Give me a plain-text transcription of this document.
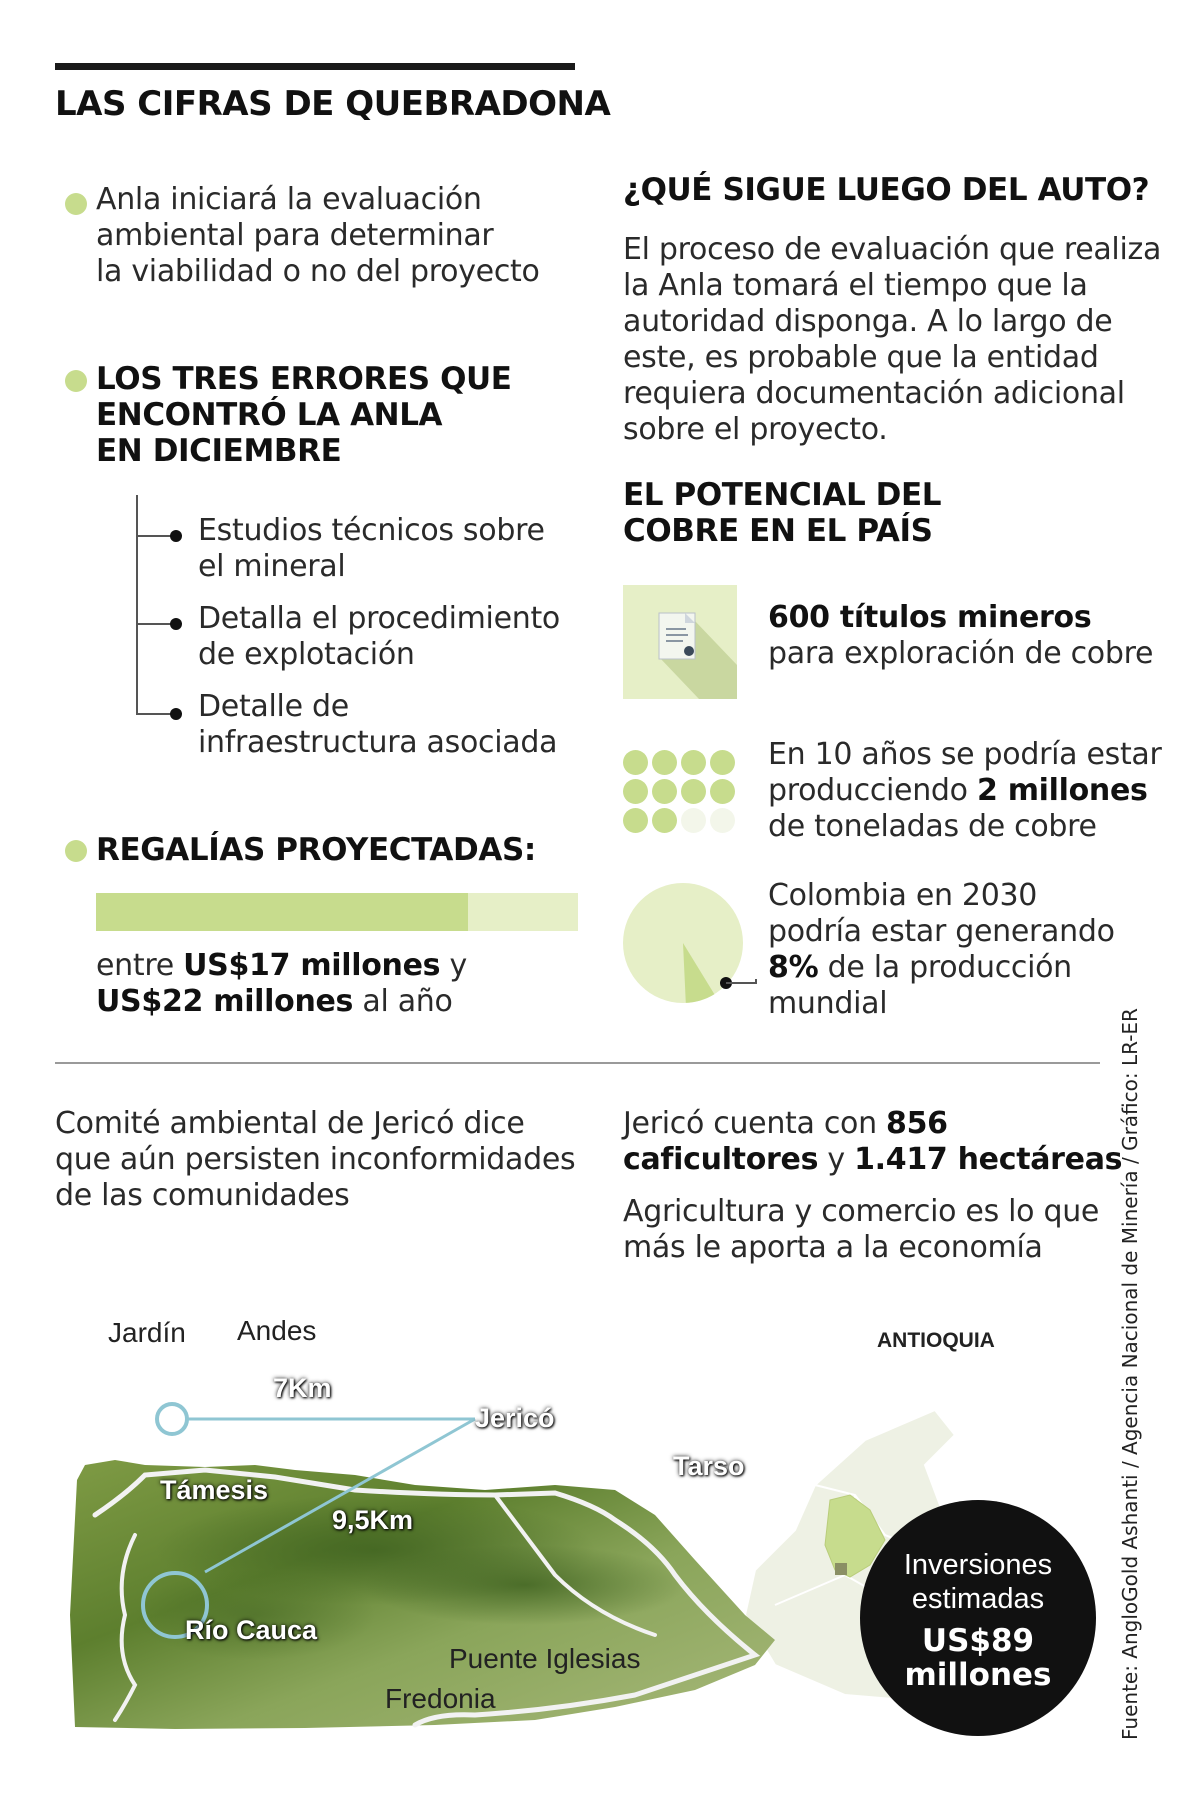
LAS CIFRAS DE QUEBRADONA
Anla iniciará la evaluación
ambiental para determinar
la viabilidad o no del proyecto
LOS TRES ERRORES QUE
ENCONTRÓ LA ANLA
EN DICIEMBRE
Estudios técnicos sobre
el mineral
Detalla el procedimiento
de explotación
Detalle de
infraestructura asociada
REGALÍAS PROYECTADAS:
entre US$17 millones y
US$22 millones al año
¿QUÉ SIGUE LUEGO DEL AUTO?
El proceso de evaluación que realiza
la Anla tomará el tiempo que la
autoridad disponga. A lo largo de
este, es probable que la entidad
requiera documentación adicional
sobre el proyecto.
EL POTENCIAL DEL
COBRE EN EL PAÍS
600 títulos mineros
para exploración de cobre
En 10 años se podría estar
producciendo 2 millones
de toneladas de cobre
Colombia en 2030
podría estar generando
8% de la producción
mundial
Comité ambiental de Jericó dice
que aún persisten inconformidades
de las comunidades
Jericó cuenta con 856
caficultores y 1.417 hectáreas
Agricultura y comercio es lo que
más le aporta a la economía
Jardín Andes
7Km
Jericó
Tarso
Támesis
9,5Km
Río Cauca
Puente Iglesias
Fredonia
ANTIOQUIA
Inversiones
estimadas
US$89
millones	Fuente: AngloGold Ashanti / Agencia Nacional de Minería / Gráfico: LR-ER
